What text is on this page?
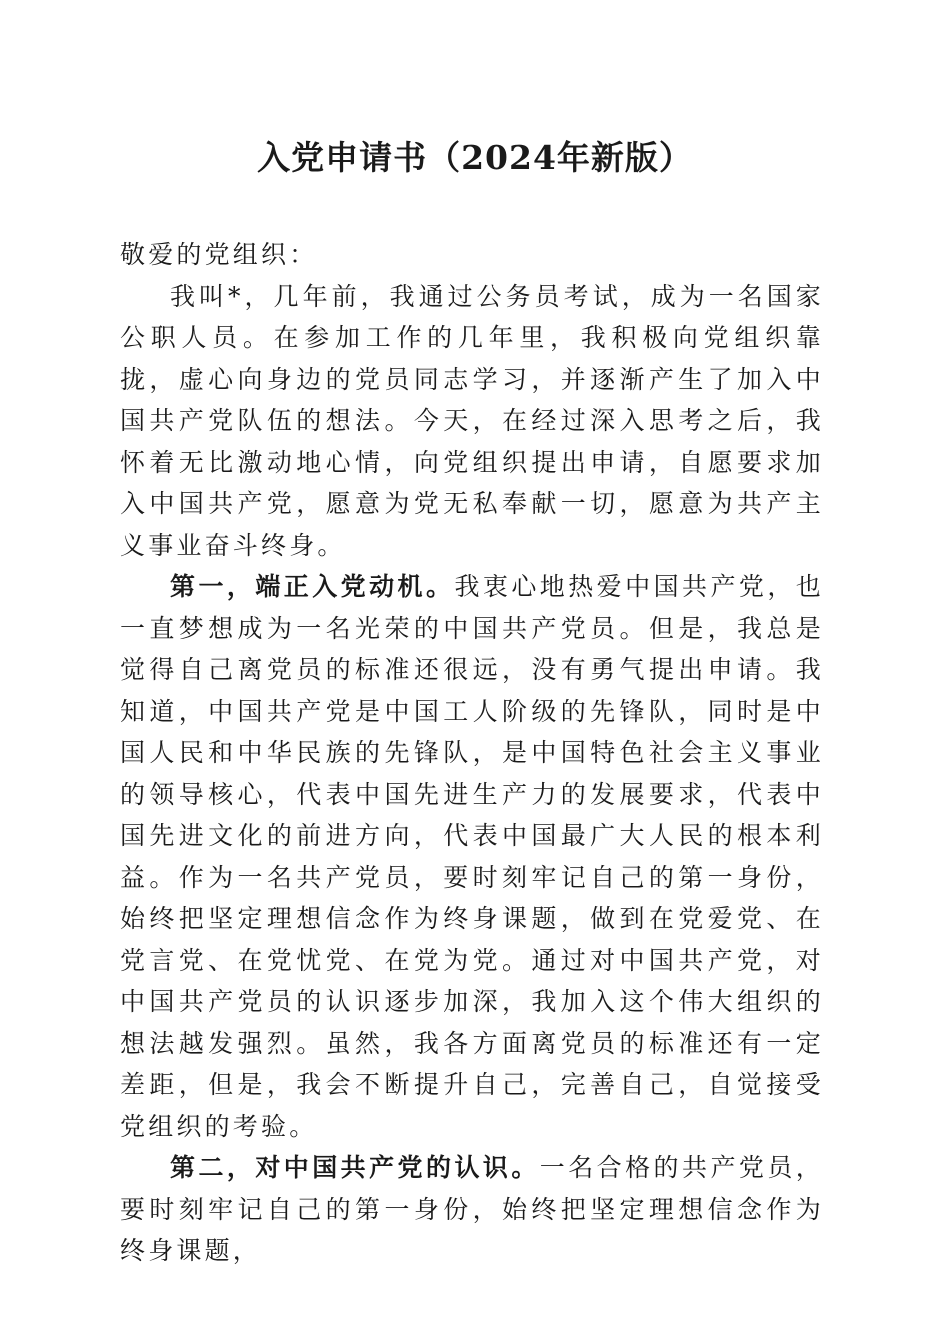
入党申请书（2024年新版）

敬爱的党组织：

我叫*，几年前，我通过公务员考试，成为一名国家公职人员。在参加工作的几年里，我积极向党组织靠拢，虚心向身边的党员同志学习，并逐渐产生了加入中国共产党队伍的想法。今天，在经过深入思考之后，我怀着无比激动地心情，向党组织提出申请，自愿要求加入中国共产党，愿意为党无私奉献一切，愿意为共产主义事业奋斗终身。

第一，端正入党动机。我衷心地热爱中国共产党，也一直梦想成为一名光荣的中国共产党员。但是，我总是觉得自己离党员的标准还很远，没有勇气提出申请。我知道，中国共产党是中国工人阶级的先锋队，同时是中国人民和中华民族的先锋队，是中国特色社会主义事业的领导核心，代表中国先进生产力的发展要求，代表中国先进文化的前进方向，代表中国最广大人民的根本利益。作为一名共产党员，要时刻牢记自己的第一身份，始终把坚定理想信念作为终身课题，做到在党爱党、在党言党、在党忧党、在党为党。通过对中国共产党，对中国共产党员的认识逐步加深，我加入这个伟大组织的想法越发强烈。虽然，我各方面离党员的标准还有一定差距，但是，我会不断提升自己，完善自己，自觉接受党组织的考验。

第二，对中国共产党的认识。一名合格的共产党员，要时刻牢记自己的第一身份，始终把坚定理想信念作为终身课题，
